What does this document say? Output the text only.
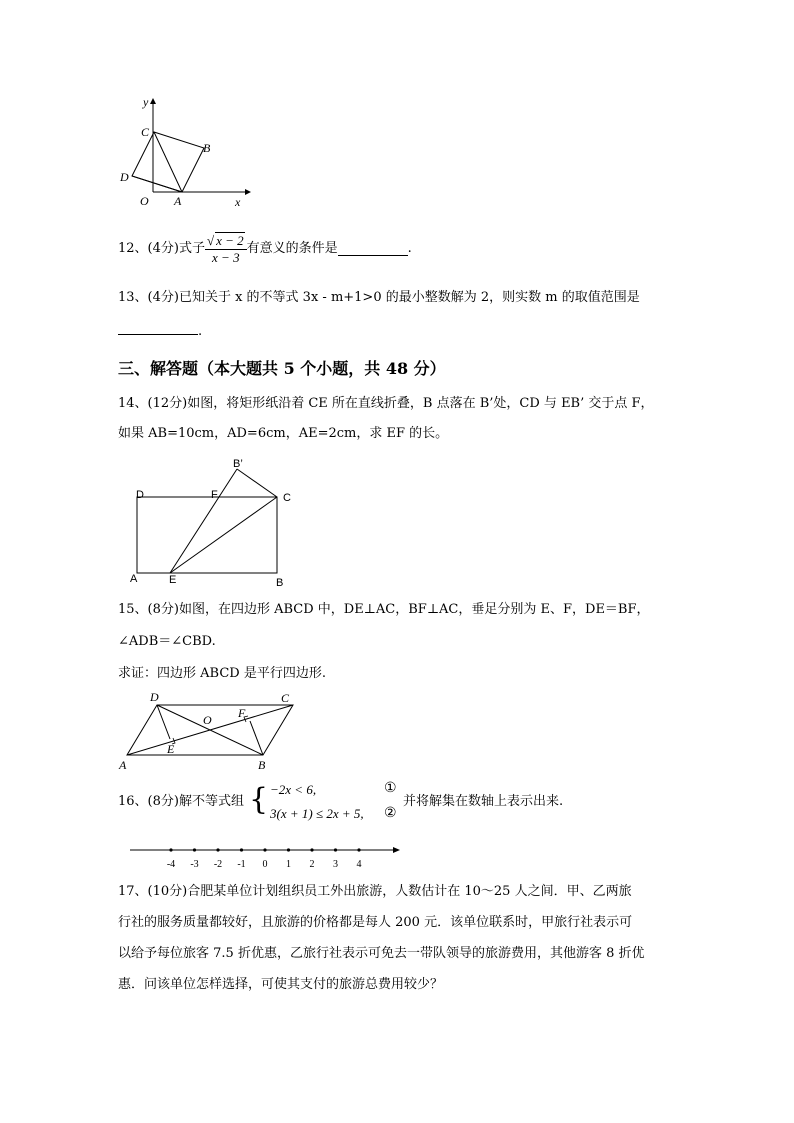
y
x
C
B
D
O A
12、(4分)式子 $\frac{√ x - 2}{x - 3}$ 有意义的条件是	.
13、(4分)已知关于 x 的不等式 3x - m+1>0 的最小整数解为 2，则实数 m 的取值范围是
.
三、解答题（本大题共 5 个小题，共 48 分）
14、(12分)如图，将矩形纸沿着 CE 所在直线折叠，B 点落在 B’处，CD 与 EB’ 交于点 F，
如果 AB=10cm，AD=6cm，AE=2cm，求 EF 的长。
B’
D	F	C
A	E	B
15、(8分)如图，在四边形 ABCD 中，DE⊥AC，BF⊥AC，垂足分别为 E、F，DE＝BF，
∠ADB＝∠CBD.
求证：四边形 ABCD 是平行四边形.
D	C
O F
E
A	B
16、(8分)解不等式组 { −2x < 6,
3(x + 1) ≤ 2x + 5,
①
②
并将解集在数轴上表示出来.
-4 -3 -2 -1 0 1 2 3 4
17、(10分)合肥某单位计划组织员工外出旅游，人数估计在 10～25 人之间．甲、乙两旅
行社的服务质量都较好，且旅游的价格都是每人 200 元．该单位联系时，甲旅行社表示可
以给予每位旅客 7.5 折优惠，乙旅行社表示可免去一带队领导的旅游费用，其他游客 8 折优
惠．问该单位怎样选择，可使其支付的旅游总费用较少？
